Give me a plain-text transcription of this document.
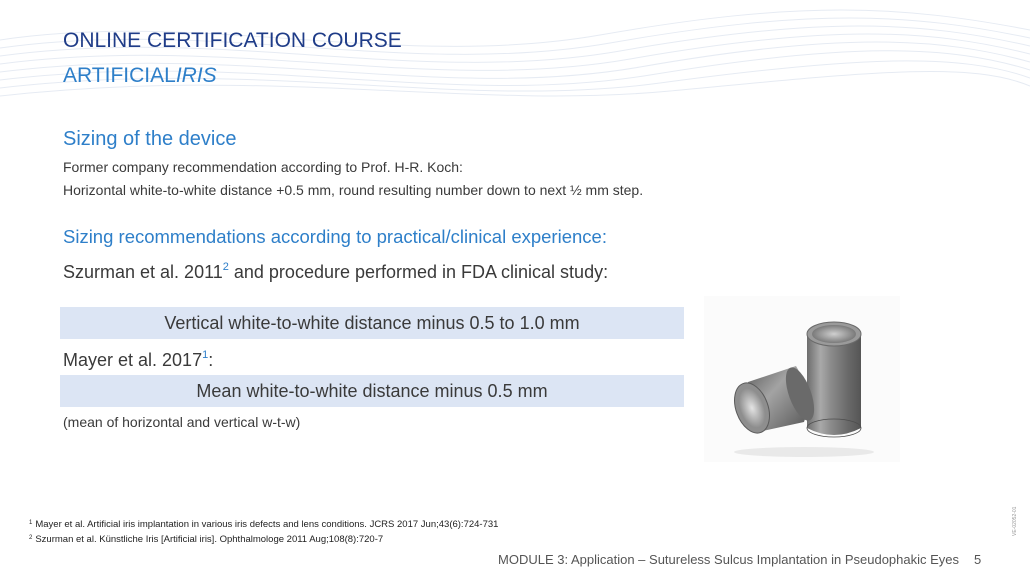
ONLINE CERTIFICATION COURSE
ARTIFICIALIRIS
Sizing of the device

Former company recommendation according to Prof. H-R. Koch:

Horizontal white-to-white distance +0.5 mm, round resulting number down to next ½ mm step.

Sizing recommendations according to practical/clinical experience:

Szurman et al. 2011$^2$ and procedure performed in FDA clinical study:

Vertical white-to-white distance minus 0.5 to 1.0 mm

Mayer et al. 2017$^1$:

Mean white-to-white distance minus 0.5 mm

(mean of horizontal and vertical w-t-w)

$^1$ Mayer et al. Artificial iris implantation in various iris defects and lens conditions. JCRS 2017 Jun;43(6):724-731

$^2$ Szurman et al. Künstliche Iris [Artificial iris]. Ophthalmologe 2011 Aug;108(8):720-7

MODULE 3: Application – Sutureless Sulcus Implantation in Pseudophakic Eyes 5

VE-02052-01
